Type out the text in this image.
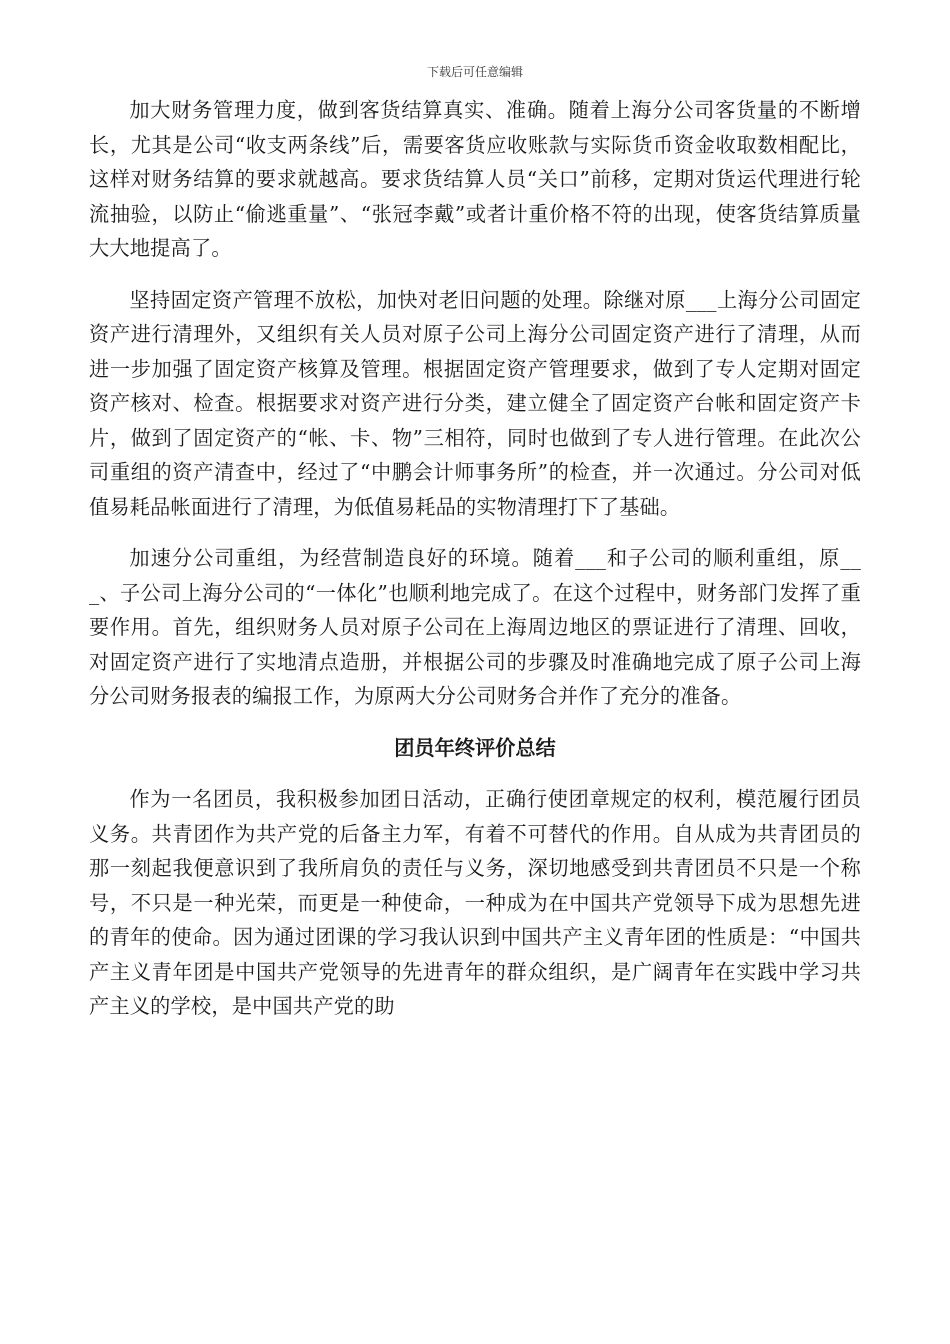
下载后可任意编辑

加大财务管理力度，做到客货结算真实、准确。随着上海分公司客货量的不断增长，尤其是公司“收支两条线”后，需要客货应收账款与实际货币资金收取数相配比，这样对财务结算的要求就越高。要求货结算人员“关口”前移，定期对货运代理进行轮流抽验，以防止“偷逃重量”、“张冠李戴”或者计重价格不符的出现，使客货结算质量大大地提高了。

坚持固定资产管理不放松，加快对老旧问题的处理。除继对原___上海分公司固定资产进行清理外，又组织有关人员对原子公司上海分公司固定资产进行了清理，从而进一步加强了固定资产核算及管理。根据固定资产管理要求，做到了专人定期对固定资产核对、检查。根据要求对资产进行分类，建立健全了固定资产台帐和固定资产卡片，做到了固定资产的“帐、卡、物”三相符，同时也做到了专人进行管理。在此次公司重组的资产清查中，经过了“中鹏会计师事务所”的检查，并一次通过。分公司对低值易耗品帐面进行了清理，为低值易耗品的实物清理打下了基础。

加速分公司重组，为经营制造良好的环境。随着___和子公司的顺利重组，原___、子公司上海分公司的“一体化”也顺利地完成了。在这个过程中，财务部门发挥了重要作用。首先，组织财务人员对原子公司在上海周边地区的票证进行了清理、回收，对固定资产进行了实地清点造册，并根据公司的步骤及时准确地完成了原子公司上海分公司财务报表的编报工作，为原两大分公司财务合并作了充分的准备。

团员年终评价总结

作为一名团员，我积极参加团日活动，正确行使团章规定的权利，模范履行团员义务。共青团作为共产党的后备主力军，有着不可替代的作用。自从成为共青团员的那一刻起我便意识到了我所肩负的责任与义务，深切地感受到共青团员不只是一个称号，不只是一种光荣，而更是一种使命，一种成为在中国共产党领导下成为思想先进的青年的使命。因为通过团课的学习我认识到中国共产主义青年团的性质是：“中国共产主义青年团是中国共产党领导的先进青年的群众组织，是广阔青年在实践中学习共产主义的学校，是中国共产党的助
